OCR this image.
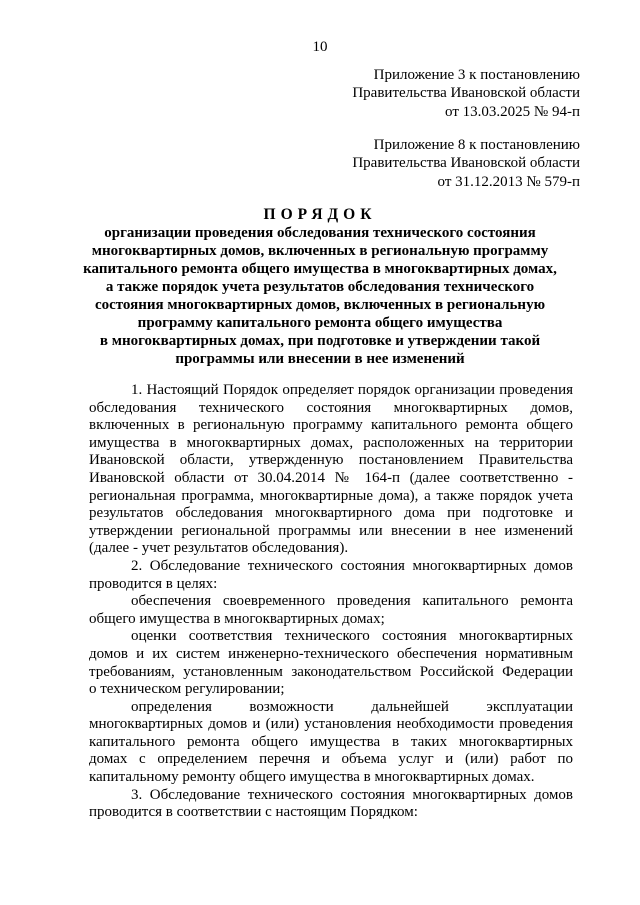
10
Приложение 3 к постановлению
Правительства Ивановской области
от 13.03.2025 № 94-п
Приложение 8 к постановлению
Правительства Ивановской области
от 31.12.2013 № 579-п
ПОРЯДОК
организации проведения обследования технического состояния
многоквартирных домов, включенных в региональную программу
капитального ремонта общего имущества в многоквартирных домах,
а также порядок учета результатов обследования технического
состояния многоквартирных домов, включенных в региональную
программу капитального ремонта общего имущества
в многоквартирных домах, при подготовке и утверждении такой
программы или внесении в нее изменений
1. Настоящий Порядок определяет порядок организации проведения
обследования технического состояния многоквартирных домов,
включенных в региональную программу капитального ремонта общего
имущества в многоквартирных домах, расположенных на территории
Ивановской области, утвержденную постановлением Правительства
Ивановской области от 30.04.2014 № 164-п (далее соответственно -
региональная программа, многоквартирные дома), а также порядок учета
результатов обследования многоквартирного дома при подготовке и
утверждении региональной программы или внесении в нее изменений
(далее - учет результатов обследования).
2. Обследование технического состояния многоквартирных домов
проводится в целях:
обеспечения своевременного проведения капитального ремонта
общего имущества в многоквартирных домах;
оценки соответствия технического состояния многоквартирных
домов и их систем инженерно-технического обеспечения нормативным
требованиям, установленным законодательством Российской Федерации
о техническом регулировании;
определения возможности дальнейшей эксплуатации
многоквартирных домов и (или) установления необходимости проведения
капитального ремонта общего имущества в таких многоквартирных
домах с определением перечня и объема услуг и (или) работ по
капитальному ремонту общего имущества в многоквартирных домах.
3. Обследование технического состояния многоквартирных домов
проводится в соответствии с настоящим Порядком:
